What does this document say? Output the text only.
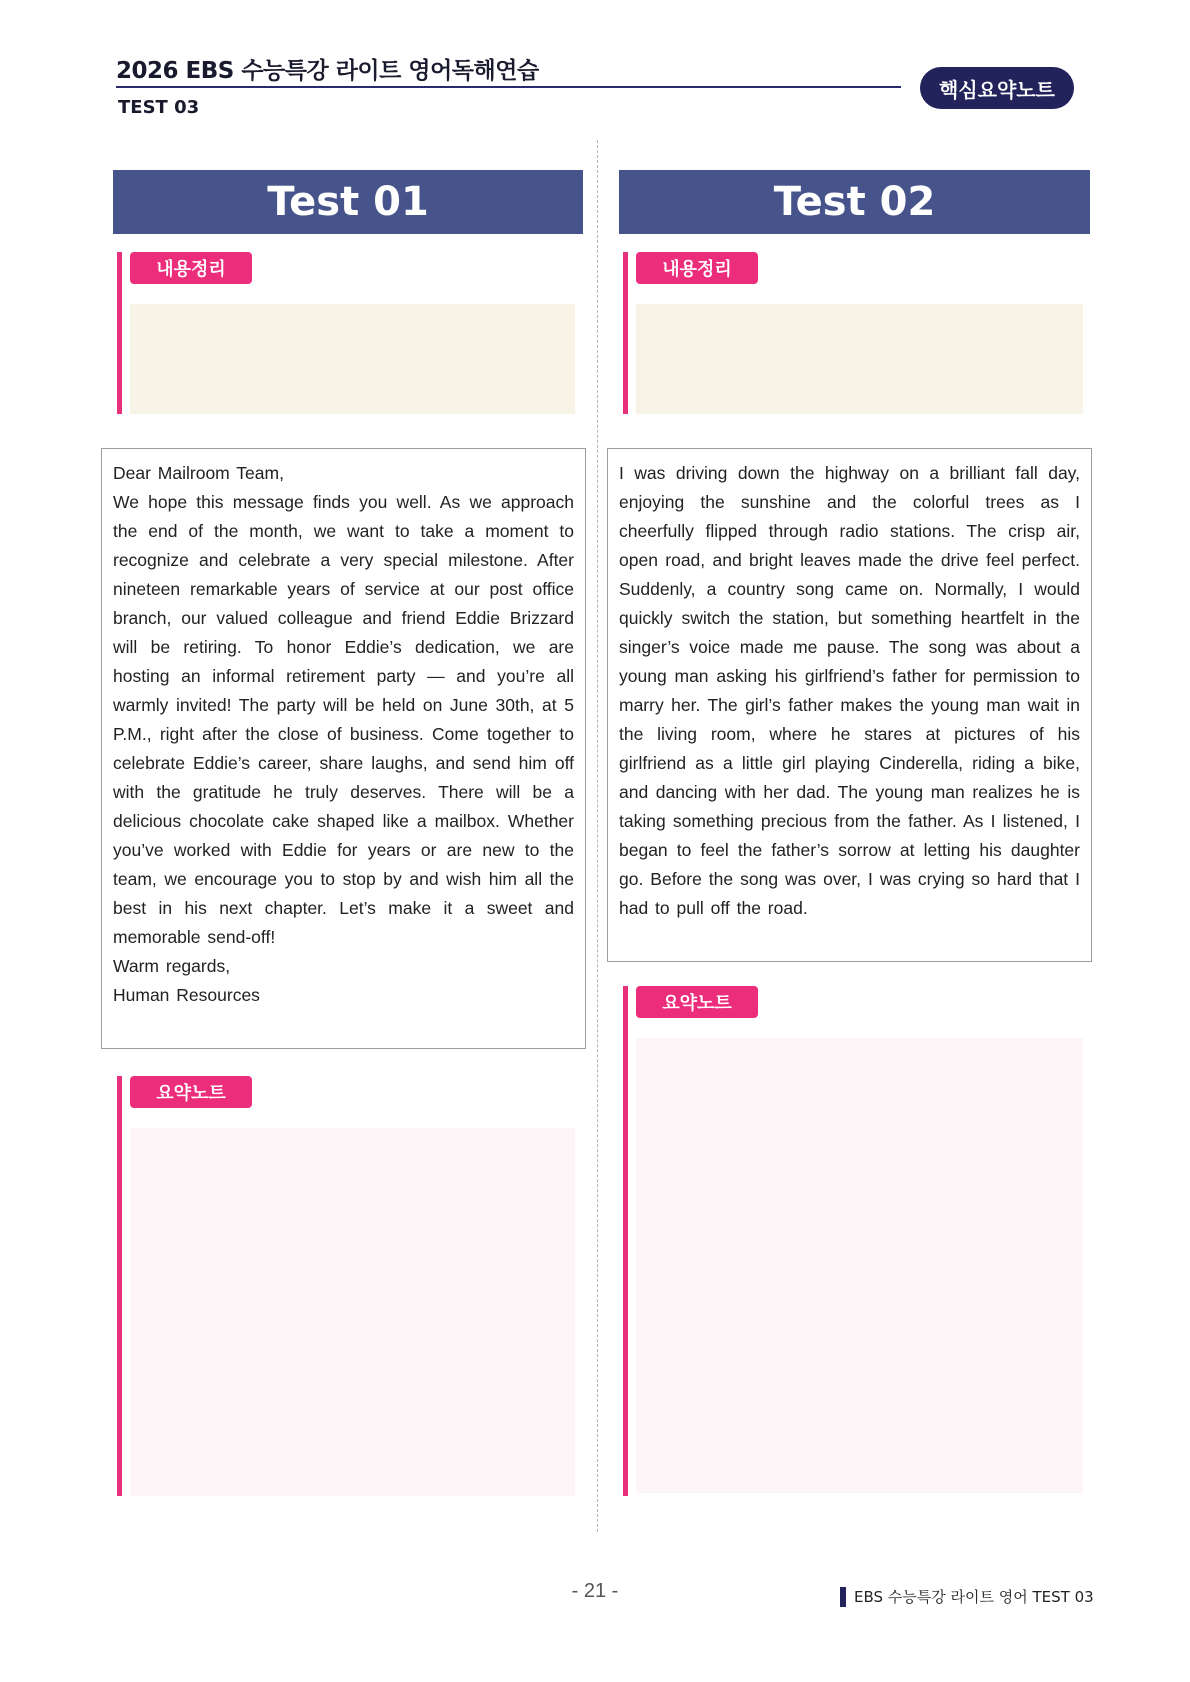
2026 EBS 수능특강 라이트 영어독해연습
TEST 03
핵심요약노트
Test 01
내용정리

Dear Mailroom Team,

We hope this message finds you well. As we approach the end of the month, we want to take a moment to recognize and celebrate a very special milestone. After nineteen remarkable years of service at our post office branch, our valued colleague and friend Eddie Brizzard will be retiring. To honor Eddie’s dedication, we are hosting an informal retirement party — and you’re all warmly invited! The party will be held on June 30th, at 5 P.M., right after the close of business. Come together to celebrate Eddie’s career, share laughs, and send him off with the gratitude he truly deserves. There will be a delicious chocolate cake shaped like a mailbox. Whether you’ve worked with Eddie for years or are new to the team, we encourage you to stop by and wish him all the best in his next chapter. Let’s make it a sweet and memorable send-off!

Warm regards,

Human Resources

요약노트
Test 02
내용정리

I was driving down the highway on a brilliant fall day, enjoying the sunshine and the colorful trees as I cheerfully flipped through radio stations. The crisp air, open road, and bright leaves made the drive feel perfect. Suddenly, a country song came on. Normally, I would quickly switch the station, but something heartfelt in the singer’s voice made me pause. The song was about a young man asking his girlfriend’s father for permission to marry her. The girl’s father makes the young man wait in the living room, where he stares at pictures of his girlfriend as a little girl playing Cinderella, riding a bike, and dancing with her dad. The young man realizes he is taking something precious from the father. As I listened, I began to feel the father’s sorrow at letting his daughter go. Before the song was over, I was crying so hard that I had to pull off the road.

요약노트
- 21 -	EBS 수능특강 라이트 영어 TEST 03
